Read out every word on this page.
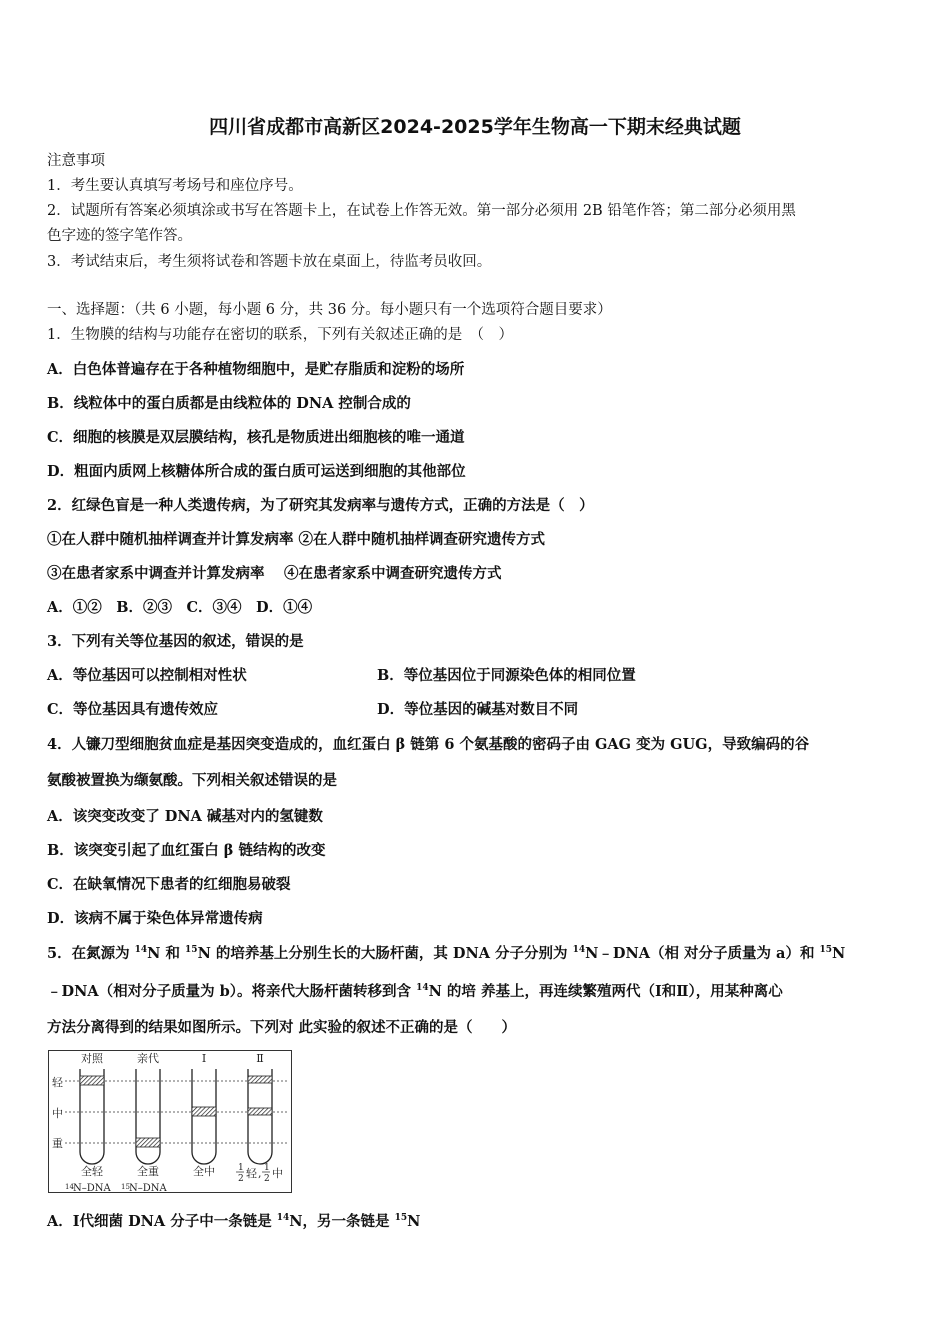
四川省成都市高新区2024-2025学年生物高一下期末经典试题
注意事项
1．考生要认真填写考场号和座位序号。
2．试题所有答案必须填涂或书写在答题卡上，在试卷上作答无效。第一部分必须用 2B 铅笔作答；第二部分必须用黑
色字迹的签字笔作答。
3．考试结束后，考生须将试卷和答题卡放在桌面上，待监考员收回。
一、选择题：（共 6 小题，每小题 6 分，共 36 分。每小题只有一个选项符合题目要求）
1．生物膜的结构与功能存在密切的联系，下列有关叙述正确的是　（　）
A．白色体普遍存在于各种植物细胞中，是贮存脂质和淀粉的场所
B．线粒体中的蛋白质都是由线粒体的 DNA 控制合成的
C．细胞的核膜是双层膜结构，核孔是物质进出细胞核的唯一通道
D．粗面内质网上核糖体所合成的蛋白质可运送到细胞的其他部位
2．红绿色盲是一种人类遗传病，为了研究其发病率与遗传方式，正确的方法是（　）
①在人群中随机抽样调查并计算发病率 ②在人群中随机抽样调查研究遗传方式
③在患者家系中调查并计算发病率　 ④在患者家系中调查研究遗传方式
A．①②　B．②③　C．③④　D．①④
3．下列有关等位基因的叙述，错误的是
A．等位基因可以控制相对性状	B．等位基因位于同源染色体的相同位置
C．等位基因具有遗传效应	D．等位基因的碱基对数目不同
4．人镰刀型细胞贫血症是基因突变造成的，血红蛋白 β 链第 6 个氨基酸的密码子由 GAG 变为 GUG，导致编码的谷
氨酸被置换为缬氨酸。下列相关叙述错误的是
A．该突变改变了 DNA 碱基对内的氢键数
B．该突变引起了血红蛋白 β 链结构的改变
C．在缺氧情况下患者的红细胞易破裂
D．该病不属于染色体异常遗传病
5．在氮源为 $^{14}$N 和 $^{15}$N 的培养基上分别生长的大肠杆菌，其 DNA 分子分别为 $^{14}$N﹣DNA（相 对分子质量为 a）和 $^{15}$N
﹣DNA（相对分子质量为 b）。将亲代大肠杆菌转移到含 $^{14}$N 的培 养基上，再连续繁殖两代（Ⅰ和Ⅱ），用某种离心
方法分离得到的结果如图所示。下列对 此实验的叙述不正确的是（　　）
对照	亲代	Ⅰ	Ⅱ
轻
中
重
全轻	全重	全中	1
2 轻 , 1
2 中
14 N–DNA 15 N–DNA
A．Ⅰ代细菌 DNA 分子中一条链是 $^{14}$N，另一条链是 $^{15}$N
